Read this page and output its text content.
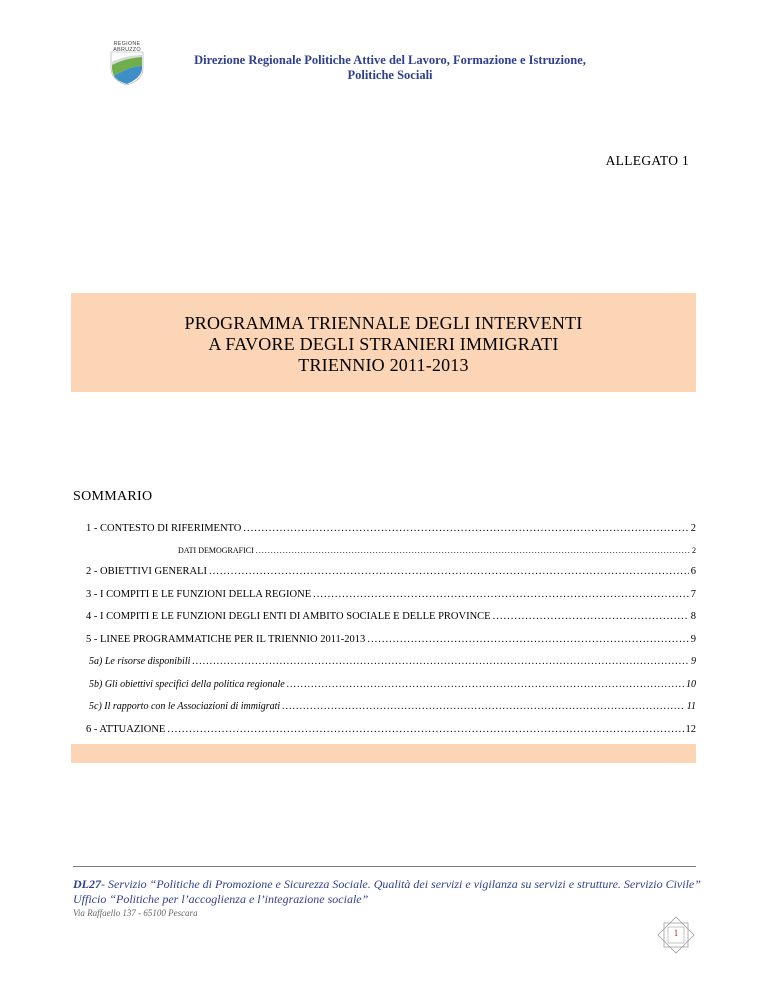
REGIONE ABRUZZO
Direzione Regionale Politiche Attive del Lavoro, Formazione e Istruzione,
Politiche Sociali
ALLEGATO 1
PROGRAMMA TRIENNALE DEGLI INTERVENTI
A FAVORE DEGLI STRANIERI IMMIGRATI
TRIENNIO 2011-2013
SOMMARIO
1 - CONTESTO DI RIFERIMENTO .....	2
DATI DEMOGRAFICI .....	2
2 - OBIETTIVI GENERALI .....	6
3 - I COMPITI E LE FUNZIONI DELLA REGIONE .....	7
4 - I COMPITI E LE FUNZIONI DEGLI ENTI DI AMBITO SOCIALE E DELLE PROVINCE .....	8
5 - LINEE PROGRAMMATICHE PER IL TRIENNIO 2011-2013 .....	9
5a) Le risorse disponibili .....	9
5b) Gli obiettivi specifici della politica regionale .....	10
5c) Il rapporto con le Associazioni di immigrati .....	11
6 - ATTUAZIONE .....	12
DL27- Servizio “Politiche di Promozione e Sicurezza Sociale. Qualità dei servizi e vigilanza su servizi e strutture. Servizio Civile”
Ufficio “Politiche per l’accoglienza e l’integrazione sociale”
Via Raffaello 137 - 65100 Pescara
1
